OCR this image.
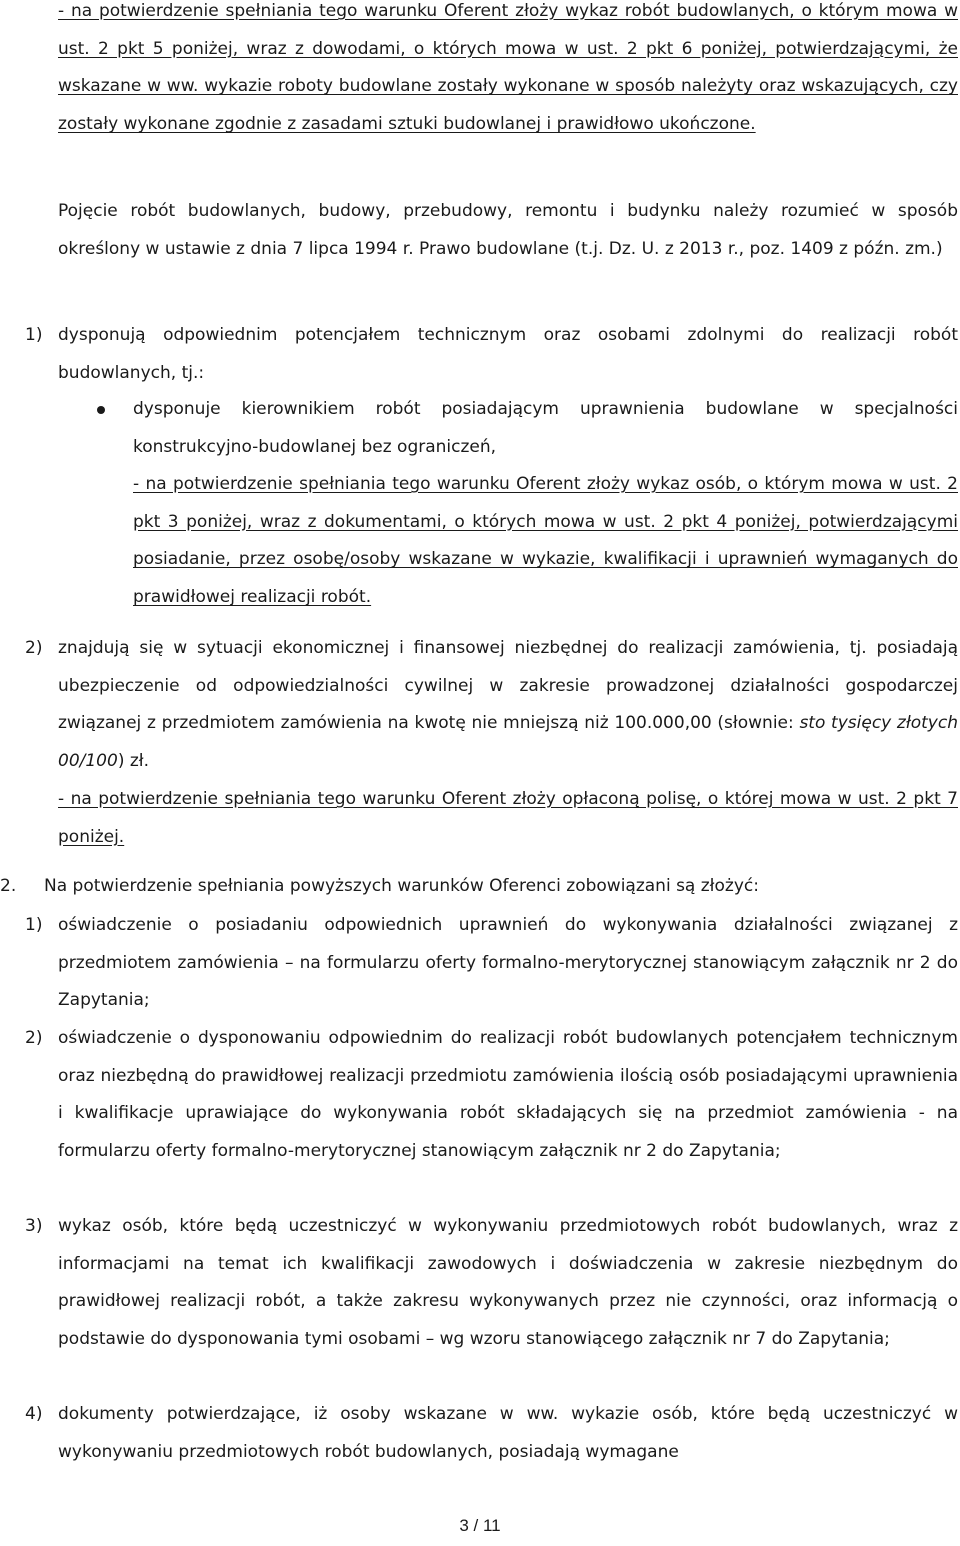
- na potwierdzenie spełniania tego warunku Oferent złoży wykaz robót budowlanych, o którym mowa w ust. 2 pkt 5 poniżej, wraz z dowodami, o których mowa w ust. 2 pkt 6 poniżej, potwierdzającymi, że wskazane w ww. wykazie roboty budowlane zostały wykonane w sposób należyty oraz wskazujących, czy zostały wykonane zgodnie z zasadami sztuki budowlanej i prawidłowo ukończone.
Pojęcie robót budowlanych, budowy, przebudowy, remontu i budynku należy rozumieć w sposób określony w ustawie z dnia 7 lipca 1994 r. Prawo budowlane (t.j. Dz. U. z 2013 r., poz. 1409 z późn. zm.)
1) dysponują odpowiednim potencjałem technicznym oraz osobami zdolnymi do realizacji robót budowlanych, tj.:
dysponuje kierownikiem robót posiadającym uprawnienia budowlane w specjalności konstrukcyjno-budowlanej bez ograniczeń,
- na potwierdzenie spełniania tego warunku Oferent złoży wykaz osób, o którym mowa w ust. 2 pkt 3 poniżej, wraz z dokumentami, o których mowa w ust. 2 pkt 4 poniżej, potwierdzającymi posiadanie, przez osobę/osoby wskazane w wykazie, kwalifikacji i uprawnień wymaganych do prawidłowej realizacji robót.
2) znajdują się w sytuacji ekonomicznej i finansowej niezbędnej do realizacji zamówienia, tj. posiadają ubezpieczenie od odpowiedzialności cywilnej w zakresie prowadzonej działalności gospodarczej związanej z przedmiotem zamówienia na kwotę nie mniejszą niż 100.000,00 (słownie: sto tysięcy złotych 00/100) zł.
- na potwierdzenie spełniania tego warunku Oferent złoży opłaconą polisę, o której mowa w ust. 2 pkt 7 poniżej.
2.	Na potwierdzenie spełniania powyższych warunków Oferenci zobowiązani są złożyć:
1) oświadczenie o posiadaniu odpowiednich uprawnień do wykonywania działalności związanej z przedmiotem zamówienia – na formularzu oferty formalno-merytorycznej stanowiącym załącznik nr 2 do Zapytania;
2) oświadczenie o dysponowaniu odpowiednim do realizacji robót budowlanych potencjałem technicznym oraz niezbędną do prawidłowej realizacji przedmiotu zamówienia ilością osób posiadającymi uprawnienia i kwalifikacje uprawiające do wykonywania robót składających się na przedmiot zamówienia - na formularzu oferty formalno-merytorycznej stanowiącym załącznik nr 2 do Zapytania;
3) wykaz osób, które będą uczestniczyć w wykonywaniu przedmiotowych robót budowlanych, wraz z informacjami na temat ich kwalifikacji zawodowych i doświadczenia w zakresie niezbędnym do prawidłowej realizacji robót, a także zakresu wykonywanych przez nie czynności, oraz informacją o podstawie do dysponowania tymi osobami – wg wzoru stanowiącego załącznik nr 7 do Zapytania;
4) dokumenty potwierdzające, iż osoby wskazane w ww. wykazie osób, które będą uczestniczyć w wykonywaniu przedmiotowych robót budowlanych, posiadają wymagane
3 / 11
